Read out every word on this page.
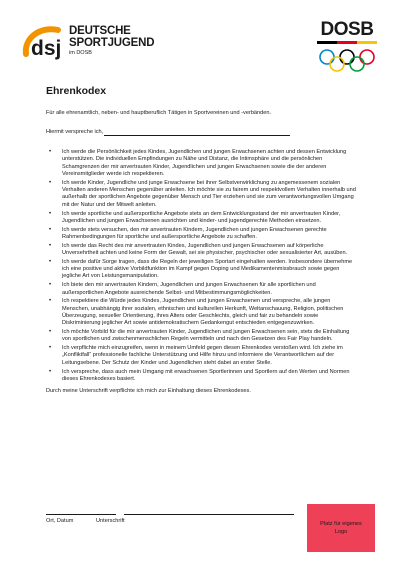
dsj
DEUTSCHE
SPORTJUGEND
im DOSB
DOSB
Ehrenkodex

Für alle ehrenamtlich, neben- und hauptberuflich Tätigen in Sportvereinen und -verbänden.

Hiermit verspreche ich,
• Ich werde die Persönlichkeit jedes Kindes, Jugendlichen und jungen Erwachsenen achten und dessen Entwicklung unterstützen. Die individuellen Empfindungen zu Nähe und Distanz, die Intimsphäre und die persönlichen Schamgrenzen der mir anvertrauten Kinder, Jugendlichen und jungen Erwachsenen sowie die der anderen Vereinsmitglieder werde ich respektieren.
• Ich werde Kinder, Jugendliche und junge Erwachsene bei ihrer Selbstverwirklichung zu angemessenem sozialen Verhalten anderen Menschen gegenüber anleiten. Ich möchte sie zu fairem und respektvollem Verhalten innerhalb und außerhalb der sportlichen Angebote gegenüber Mensch und Tier erziehen und sie zum verantwortungsvollen Umgang mit der Natur und der Mitwelt anleiten.
• Ich werde sportliche und außersportliche Angebote stets an dem Entwicklungsstand der mir anvertrauten Kinder, Jugendlichen und jungen Erwachsenen ausrichten und kinder- und jugendgerechte Methoden einsetzen.
• Ich werde stets versuchen, den mir anvertrauten Kindern, Jugendlichen und jungen Erwachsenen gerechte Rahmenbedingungen für sportliche und außersportliche Angebote zu schaffen.
• Ich werde das Recht des mir anvertrauten Kindes, Jugendlichen und jungen Erwachsenen auf körperliche Unversehrtheit achten und keine Form der Gewalt, sei sie physischer, psychischer oder sexualisierter Art, ausüben.
• Ich werde dafür Sorge tragen, dass die Regeln der jeweiligen Sportart eingehalten werden. Insbesondere übernehme ich eine positive und aktive Vorbildfunktion im Kampf gegen Doping und Medikamentenmissbrauch sowie gegen jegliche Art von Leistungsmanipulation.
• Ich biete den mir anvertrauten Kindern, Jugendlichen und jungen Erwachsenen für alle sportlichen und außersportlichen Angebote ausreichende Selbst- und Mitbestimmungsmöglichkeiten.
• Ich respektiere die Würde jedes Kindes, Jugendlichen und jungen Erwachsenen und verspreche, alle jungen Menschen, unabhängig ihrer sozialen, ethnischen und kulturellen Herkunft, Weltanschauung, Religion, politischen Überzeugung, sexueller Orientierung, ihres Alters oder Geschlechts, gleich und fair zu behandeln sowie Diskriminierung jeglicher Art sowie antidemokratischem Gedankengut entschieden entgegenzuwirken.
• Ich möchte Vorbild für die mir anvertrauten Kinder, Jugendlichen und jungen Erwachsenen sein, stets die Einhaltung von sportlichen und zwischenmenschlichen Regeln vermitteln und nach den Gesetzen des Fair Play handeln.
• Ich verpflichte mich einzugreifen, wenn in meinem Umfeld gegen diesen Ehrenkodex verstoßen wird. Ich ziehe im „Konfliktfall“ professionelle fachliche Unterstützung und Hilfe hinzu und informiere die Verantwortlichen auf der Leitungsebene. Der Schutz der Kinder und Jugendlichen steht dabei an erster Stelle.
• Ich verspreche, dass auch mein Umgang mit erwachsenen Sportlerinnen und Sportlern auf den Werten und Normen dieses Ehrenkodexes basiert.

Durch meine Unterschrift verpflichte ich mich zur Einhaltung dieses Ehrenkodexes.

Ort, Datum	Unterschrift	Platz für eigenes
Logo
